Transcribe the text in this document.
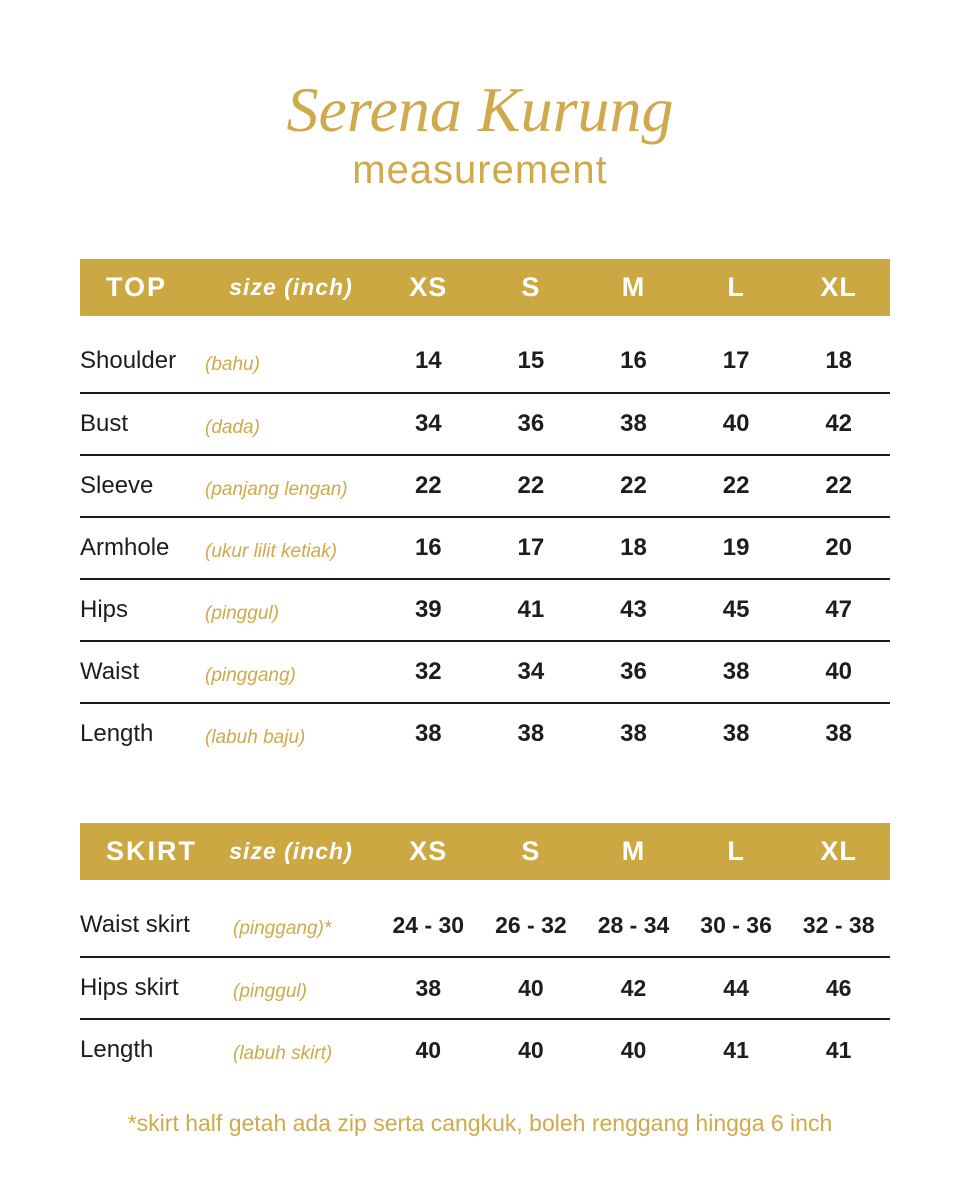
Serena Kurung
measurement
TOP	size (inch)	XS	S	M	L	XL
Shoulder	(bahu)	14	15	16	17	18
Bust	(dada)	34	36	38	40	42
Sleeve	(panjang lengan)	22	22	22	22	22
Armhole	(ukur lilit ketiak)	16	17	18	19	20
Hips	(pinggul)	39	41	43	45	47
Waist	(pinggang)	32	34	36	38	40
Length	(labuh baju)	38	38	38	38	38
SKIRT	size (inch)	XS	S	M	L	XL
Waist skirt	(pinggang)*	24 - 30	26 - 32	28 - 34	30 - 36	32 - 38
Hips skirt	(pinggul)	38	40	42	44	46
Length	(labuh skirt)	40	40	40	41	41
*skirt half getah ada zip serta cangkuk, boleh renggang hingga 6 inch
